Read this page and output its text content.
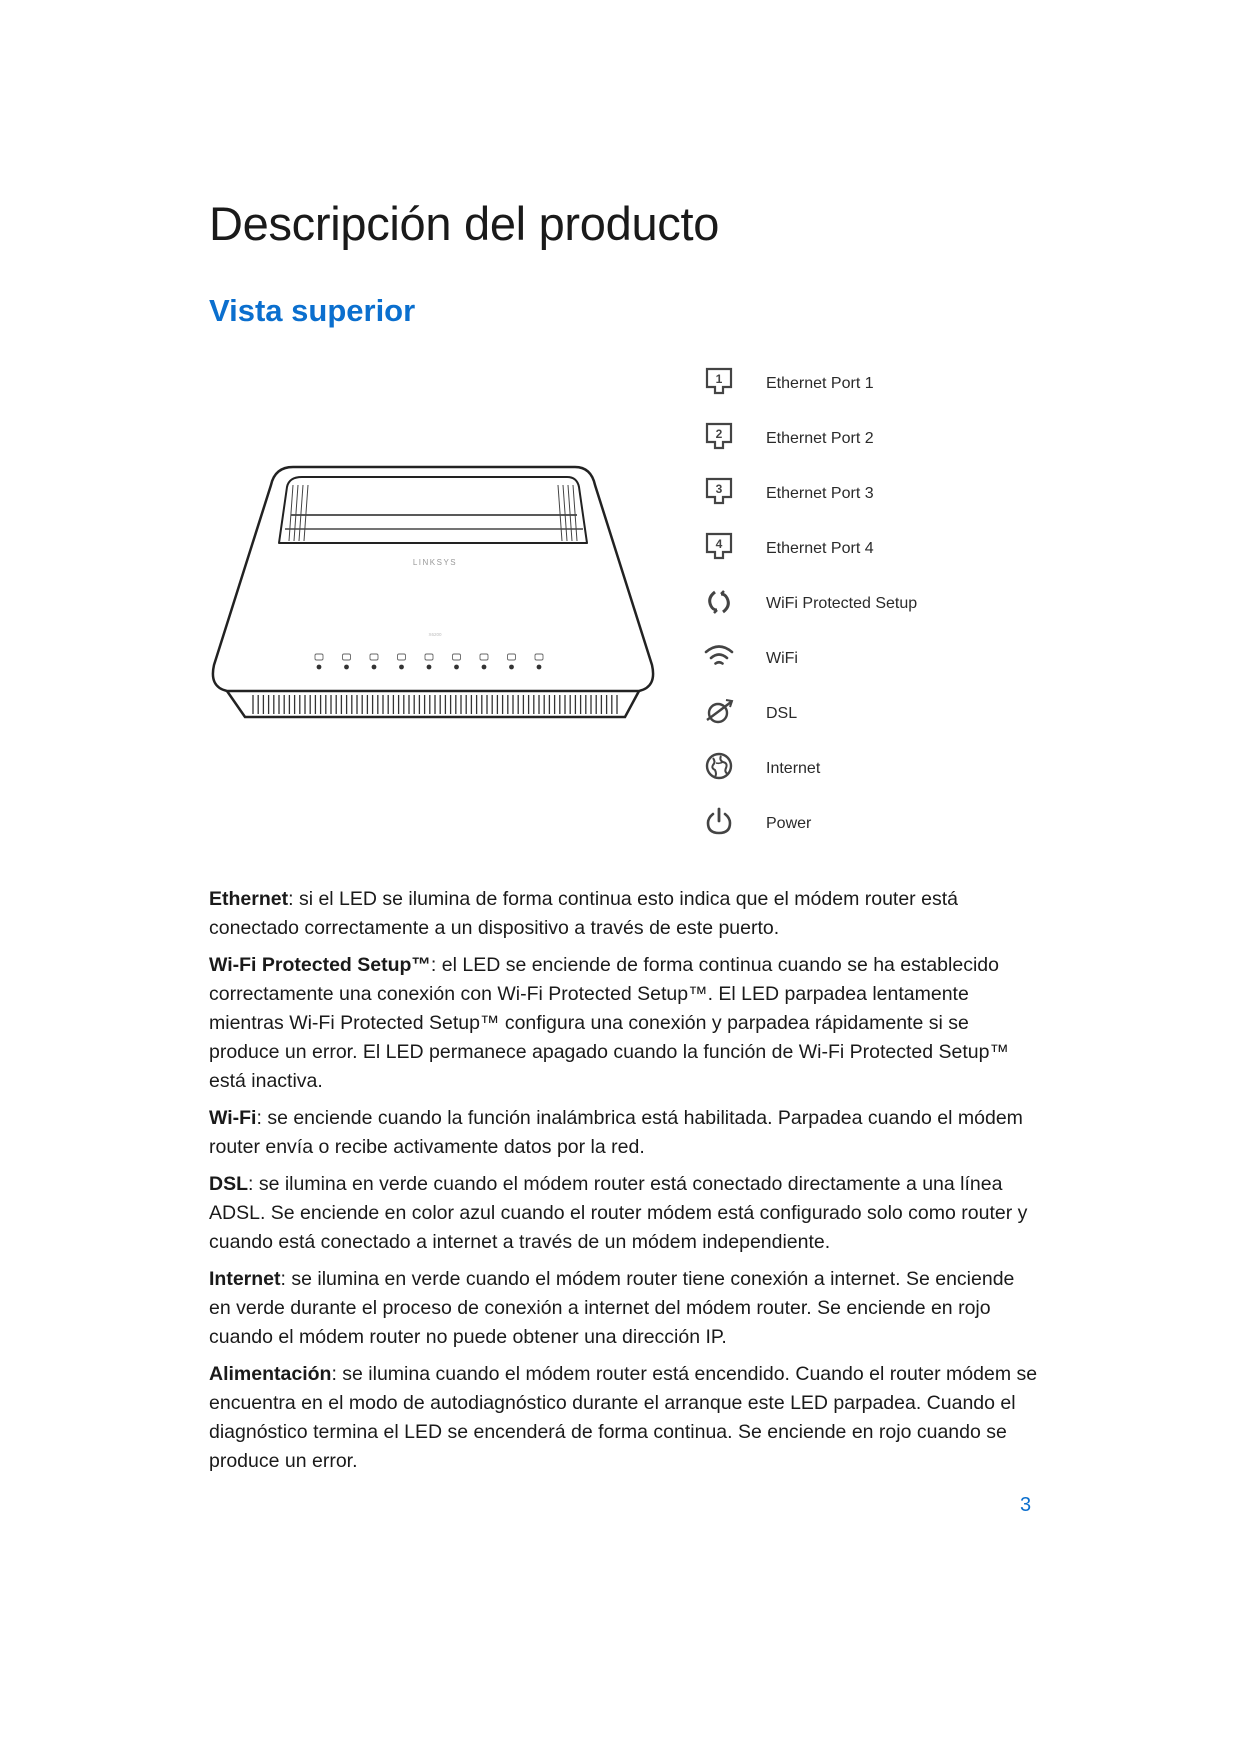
Descripción del producto
Vista superior
LINKSYS
X6200
1	Ethernet Port 1
2	Ethernet Port 2
3	Ethernet Port 3
4	Ethernet Port 4
WiFi Protected Setup
WiFi
DSL
Internet
Power

Ethernet: si el LED se ilumina de forma continua esto indica que el módem router está conectado correctamente a un dispositivo a través de este puerto.

Wi-Fi Protected Setup™: el LED se enciende de forma continua cuando se ha establecido correctamente una conexión con Wi-Fi Protected Setup™. El LED parpadea lentamente mientras Wi-Fi Protected Setup™ configura una conexión y parpadea rápidamente si se produce un error. El LED permanece apagado cuando la función de Wi-Fi Protected Setup™ está inactiva.

Wi-Fi: se enciende cuando la función inalámbrica está habilitada. Parpadea cuando el módem router envía o recibe activamente datos por la red.

DSL: se ilumina en verde cuando el módem router está conectado directamente a una línea ADSL. Se enciende en color azul cuando el router módem está configurado solo como router y cuando está conectado a internet a través de un módem independiente.

Internet: se ilumina en verde cuando el módem router tiene conexión a internet. Se enciende en verde durante el proceso de conexión a internet del módem router. Se enciende en rojo cuando el módem router no puede obtener una dirección IP.

Alimentación: se ilumina cuando el módem router está encendido. Cuando el router módem se encuentra en el modo de autodiagnóstico durante el arranque este LED parpadea. Cuando el diagnóstico termina el LED se encenderá de forma continua. Se enciende en rojo cuando se produce un error.

3
